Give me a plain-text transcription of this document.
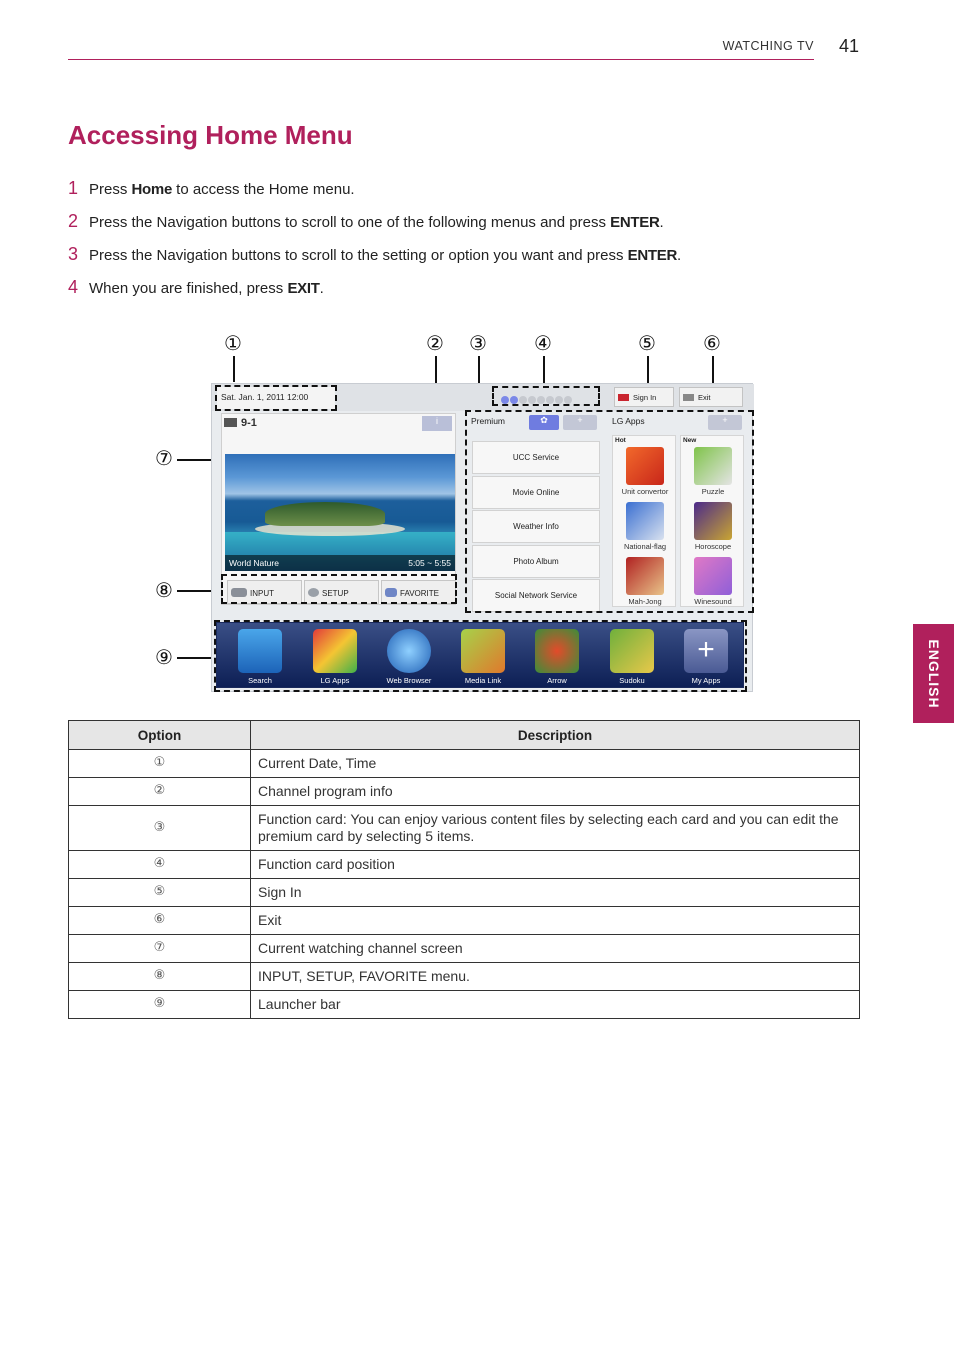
WATCHING TV 41
ENGLISH
Accessing Home Menu
1 Press Home to access the Home menu.
2 Press the Navigation buttons to scroll to one of the following menus and press ENTER.
3 Press the Navigation buttons to scroll to the setting or option you want and press ENTER.
4 When you are finished, press EXIT.
①	② ③ ④	⑤ ⑥
⑦
⑧
⑨
Sat. Jan. 1, 2011 12:00	Sign In	Exit
9-1	i
World Nature	5:05 ~ 5:55
INPUT	SETUP	FAVORITE
Premium	✿	+
UCC Service
Movie Online
Weather Info
Photo Album
Social Network Service
LG Apps	+
Hot
Unit convertor
National-flag
Mah-Jong
New
Puzzle
Horoscope
Winesound
Search	LG Apps	Web Browser	Media Link	Arrow	Sudoku
+
My Apps
Option	Description
①	Current Date, Time
②	Channel program info
③	Function card: You can enjoy various content files by selecting each card and you can edit the premium card by selecting 5 items.
④	Function card position
⑤	Sign In
⑥	Exit
⑦	Current watching channel screen
⑧	INPUT, SETUP, FAVORITE menu.
⑨	Launcher bar
